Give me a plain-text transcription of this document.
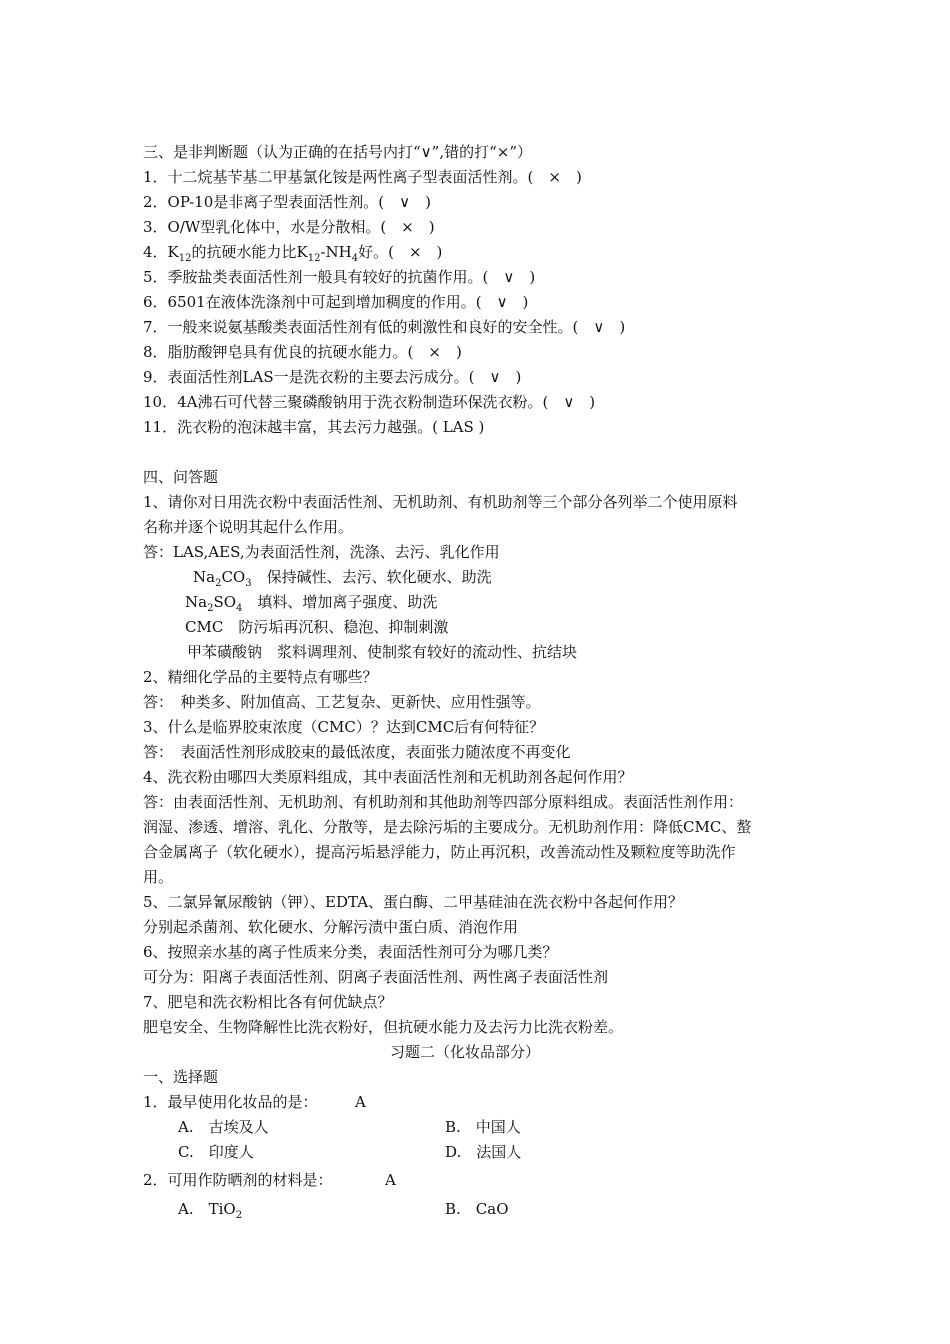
三、是非判断题（认为正确的在括号内打“∨”,错的打“×”）
1．十二烷基苄基二甲基氯化铵是两性离子型表面活性剂。(　×　)
2．OP-10是非离子型表面活性剂。(　∨　)
3．O/W型乳化体中，水是分散相。(　×　)
4．$K_{12}$的抗硬水能力比$K_{12}-NH_4$好。(　×　)
5．季胺盐类表面活性剂一般具有较好的抗菌作用。(　∨　)
6．6501在液体洗涤剂中可起到增加稠度的作用。(　∨　)
7．一般来说氨基酸类表面活性剂有低的刺激性和良好的安全性。(　∨　)
8．脂肪酸钾皂具有优良的抗硬水能力。(　×　)
9．表面活性剂LAS一是洗衣粉的主要去污成分。(　∨　)
10．4A沸石可代替三聚磷酸钠用于洗衣粉制造环保洗衣粉。(　∨　)
11．洗衣粉的泡沫越丰富，其去污力越强。( LAS )
四、问答题
1、请你对日用洗衣粉中表面活性剂、无机助剂、有机助剂等三个部分各列举二个使用原料
名称并逐个说明其起什么作用。
答：LAS,AES,为表面活性剂，洗涤、去污、乳化作用
$Na_2CO_3$　保持碱性、去污、软化硬水、助洗
$Na_2SO_4$  填料、增加离子强度、助洗
CMC　防污垢再沉积、稳泡、抑制刺激
甲苯磺酸钠　浆料调理剂、使制浆有较好的流动性、抗结块
2、精细化学品的主要特点有哪些？
答：　种类多、附加值高、工艺复杂、更新快、应用性强等。
3、什么是临界胶束浓度（CMC）？达到CMC后有何特征？
答：　表面活性剂形成胶束的最低浓度，表面张力随浓度不再变化
4、洗衣粉由哪四大类原料组成，其中表面活性剂和无机助剂各起何作用？
答：由表面活性剂、无机助剂、有机助剂和其他助剂等四部分原料组成。表面活性剂作用：
润湿、渗透、增溶、乳化、分散等，是去除污垢的主要成分。无机助剂作用：降低CMC、螯
合金属离子（软化硬水），提高污垢悬浮能力，防止再沉积，改善流动性及颗粒度等助洗作
用。
5、二氯异氰尿酸钠（钾）、EDTA、蛋白酶、二甲基硅油在洗衣粉中各起何作用？
分别起杀菌剂、软化硬水、分解污渍中蛋白质、消泡作用
6、按照亲水基的离子性质来分类，表面活性剂可分为哪几类？
可分为：阳离子表面活性剂、阴离子表面活性剂、两性离子表面活性剂
7、肥皂和洗衣粉相比各有何优缺点？
肥皂安全、生物降解性比洗衣粉好，但抗硬水能力及去污力比洗衣粉差。
习题二（化妆品部分）
一、选择题
1．最早使用化妆品的是：　　　A
A.　古埃及人	B.　中国人
C.　印度人	D.　法国人
2．可用作防晒剂的材料是：　　　　A
A.　TiO$_2$	B.　CaO
